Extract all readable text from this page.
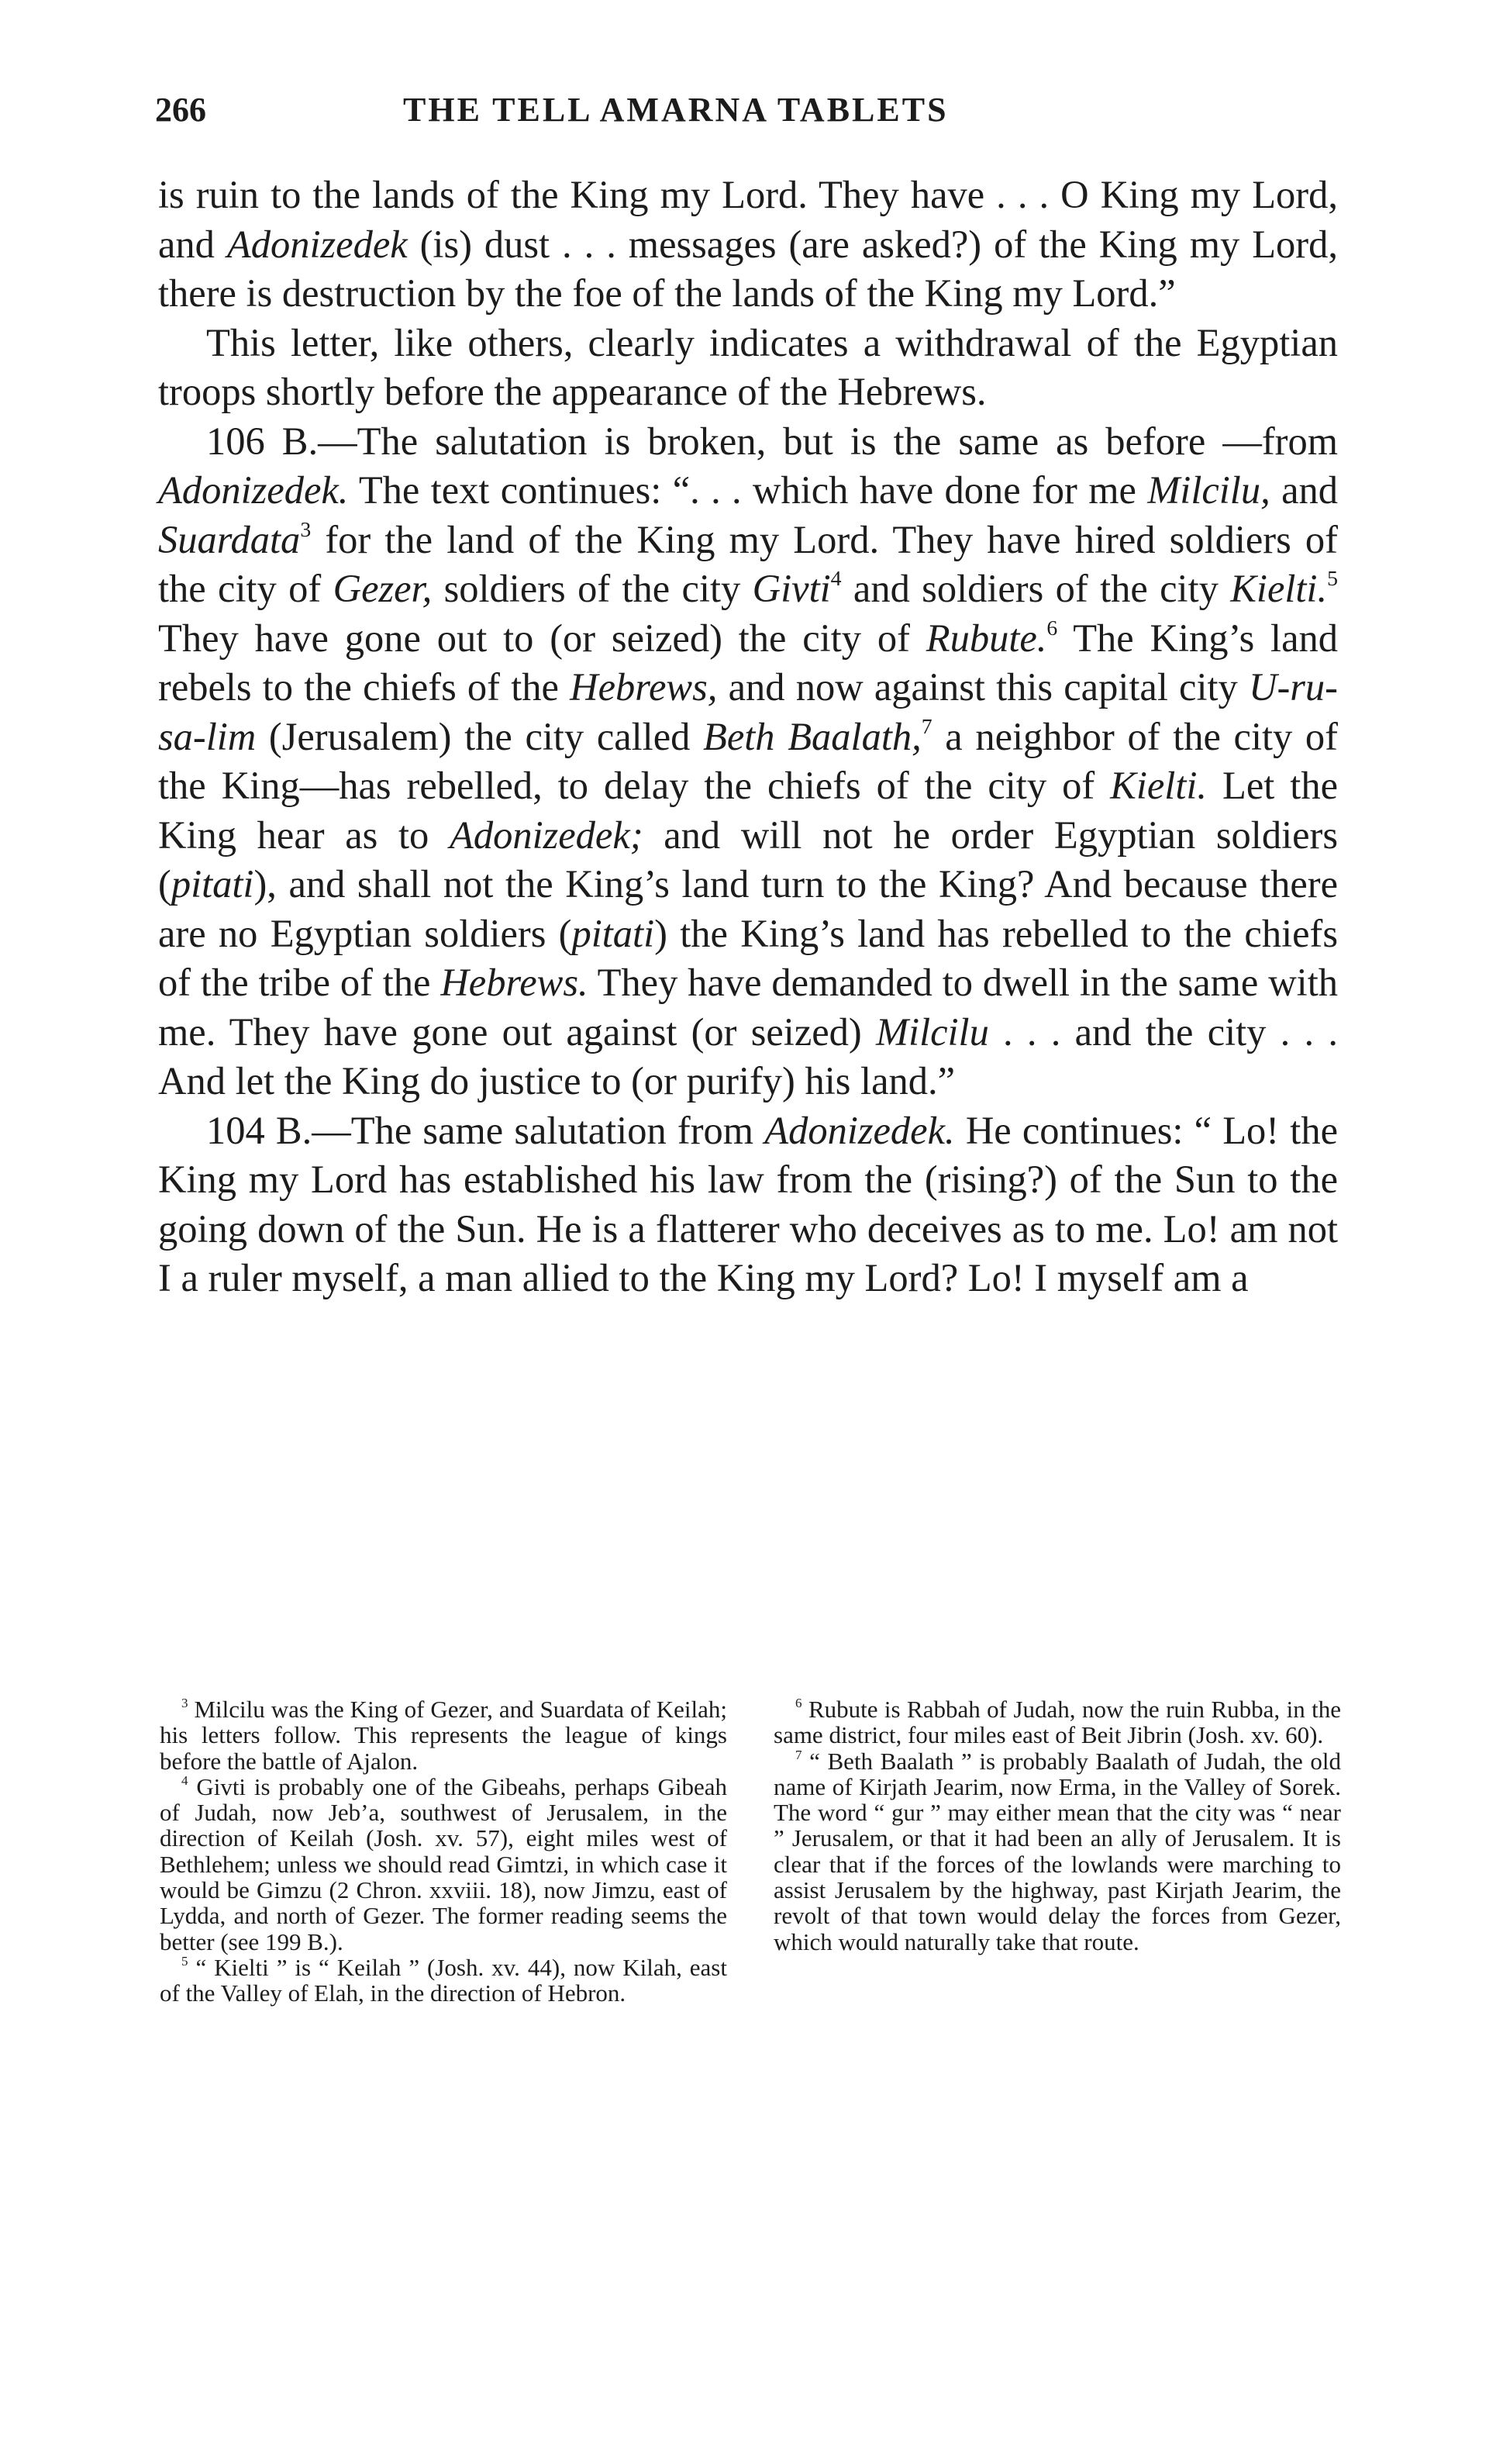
266	THE TELL AMARNA TABLETS

is ruin to the lands of the King my Lord. They have . . . O King my Lord, and Adonizedek (is) dust . . . messages (are asked?) of the King my Lord, there is destruction by the foe of the lands of the King my Lord.”

This letter, like others, clearly indicates a withdrawal of the Egyptian troops shortly before the appearance of the Hebrews.

106 B.—The salutation is broken, but is the same as before —from Adonizedek. The text continues: “. . . which have done for me Milcilu, and Suardata$^3$ for the land of the King my Lord. They have hired soldiers of the city of Gezer, soldiers of the city Givti$^4$ and soldiers of the city Kielti.$^5$ They have gone out to (or seized) the city of Rubute.$^6$ The King’s land rebels to the chiefs of the Hebrews, and now against this capital city U-ru-sa-lim (Jerusalem) the city called Beth Baalath,$^7$ a neighbor of the city of the King—has rebelled, to delay the chiefs of the city of Kielti. Let the King hear as to Adonizedek; and will not he order Egyptian soldiers (pitati), and shall not the King’s land turn to the King? And because there are no Egyptian soldiers (pitati) the King’s land has rebelled to the chiefs of the tribe of the Hebrews. They have demanded to dwell in the same with me. They have gone out against (or seized) Milcilu . . . and the city . . . And let the King do justice to (or purify) his land.”

104 B.—The same salutation from Adonizedek. He continues: “ Lo! the King my Lord has established his law from the (rising?) of the Sun to the going down of the Sun. He is a flatterer who deceives as to me. Lo! am not I a ruler myself, a man allied to the King my Lord? Lo! I myself am a

$^3$ Milcilu was the King of Gezer, and Suardata of Keilah; his letters follow. This represents the league of kings before the battle of Ajalon.

$^4$ Givti is probably one of the Gibeahs, perhaps Gibeah of Judah, now Jeb’a, southwest of Jerusalem, in the direction of Keilah (Josh. xv. 57), eight miles west of Bethlehem; unless we should read Gimtzi, in which case it would be Gimzu (2 Chron. xxviii. 18), now Jimzu, east of Lydda, and north of Gezer. The former reading seems the better (see 199 B.).

$^5$ “ Kielti ” is “ Keilah ” (Josh. xv. 44), now Kilah, east of the Valley of Elah, in the direction of Hebron.

$^6$ Rubute is Rabbah of Judah, now the ruin Rubba, in the same district, four miles east of Beit Jibrin (Josh. xv. 60).

$^7$ “ Beth Baalath ” is probably Baalath of Judah, the old name of Kirjath Jearim, now Erma, in the Valley of Sorek. The word “ gur ” may either mean that the city was “ near ” Jerusalem, or that it had been an ally of Jerusalem. It is clear that if the forces of the lowlands were marching to assist Jerusalem by the highway, past Kirjath Jearim, the revolt of that town would delay the forces from Gezer, which would naturally take that route.
